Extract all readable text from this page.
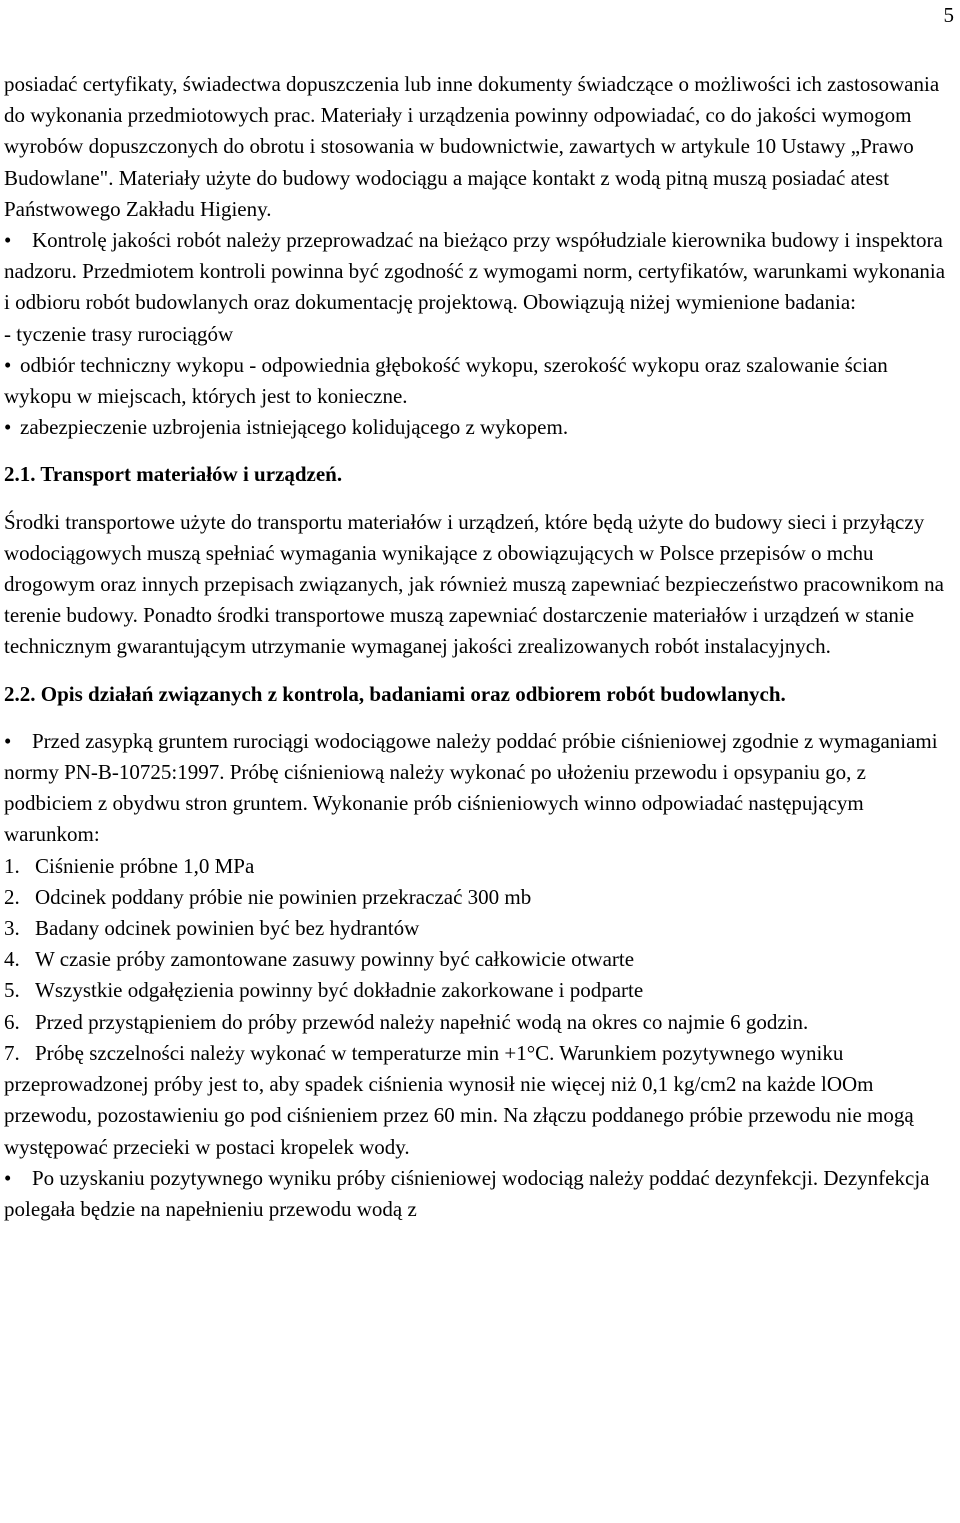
5

posiadać certyfikaty, świadectwa dopuszczenia lub inne dokumenty świadczące o możliwości ich zastosowania do wykonania przedmiotowych prac. Materiały i urządzenia powinny odpowiadać, co do jakości wymogom wyrobów dopuszczonych do obrotu i stosowania w budownictwie, zawartych w artykule 10 Ustawy „Prawo Budowlane". Materiały użyte do budowy wodociągu a mające kontakt z wodą pitną muszą posiadać atest Państwowego Zakładu Higieny.

• Kontrolę jakości robót należy przeprowadzać na bieżąco przy współudziale kierownika budowy i inspektora nadzoru. Przedmiotem kontroli powinna być zgodność z wymogami norm, certyfikatów, warunkami wykonania i odbioru robót budowlanych oraz dokumentację projektową. Obowiązują niżej wymienione badania:

- tyczenie trasy rurociągów

• odbiór techniczny wykopu - odpowiednia głębokość wykopu, szerokość wykopu oraz szalowanie ścian wykopu w miejscach, których jest to konieczne.

• zabezpieczenie uzbrojenia istniejącego kolidującego z wykopem.

2.1. Transport materiałów i urządzeń.

Środki transportowe użyte do transportu materiałów i urządzeń, które będą użyte do budowy sieci i przyłączy wodociągowych muszą spełniać wymagania wynikające z obowiązujących w Polsce przepisów o mchu drogowym oraz innych przepisach związanych, jak również muszą zapewniać bezpieczeństwo pracownikom na terenie budowy. Ponadto środki transportowe muszą zapewniać dostarczenie materiałów i urządzeń w stanie technicznym gwarantującym utrzymanie wymaganej jakości zrealizowanych robót instalacyjnych.

2.2. Opis działań związanych z kontrola, badaniami oraz odbiorem robót budowlanych.

• Przed zasypką gruntem rurociągi wodociągowe należy poddać próbie ciśnieniowej zgodnie z wymaganiami normy PN-B-10725:1997. Próbę ciśnieniową należy wykonać po ułożeniu przewodu i opsypaniu go, z podbiciem z obydwu stron gruntem. Wykonanie prób ciśnieniowych winno odpowiadać następującym warunkom:

1. Ciśnienie próbne 1,0 MPa

2. Odcinek poddany próbie nie powinien przekraczać 300 mb

3. Badany odcinek powinien być bez hydrantów

4. W czasie próby zamontowane zasuwy powinny być całkowicie otwarte

5. Wszystkie odgałęzienia powinny być dokładnie zakorkowane i podparte

6. Przed przystąpieniem do próby przewód należy napełnić wodą na okres co najmie 6 godzin.

7. Próbę szczelności należy wykonać w temperaturze min +1°C. Warunkiem pozytywnego wyniku przeprowadzonej próby jest to, aby spadek ciśnienia wynosił nie więcej niż 0,1 kg/cm2 na każde lOOm przewodu, pozostawieniu go pod ciśnieniem przez 60 min. Na złączu poddanego próbie przewodu nie mogą występować przecieki w postaci kropelek wody.

• Po uzyskaniu pozytywnego wyniku próby ciśnieniowej wodociąg należy poddać dezynfekcji. Dezynfekcja polegała będzie na napełnieniu przewodu wodą z
